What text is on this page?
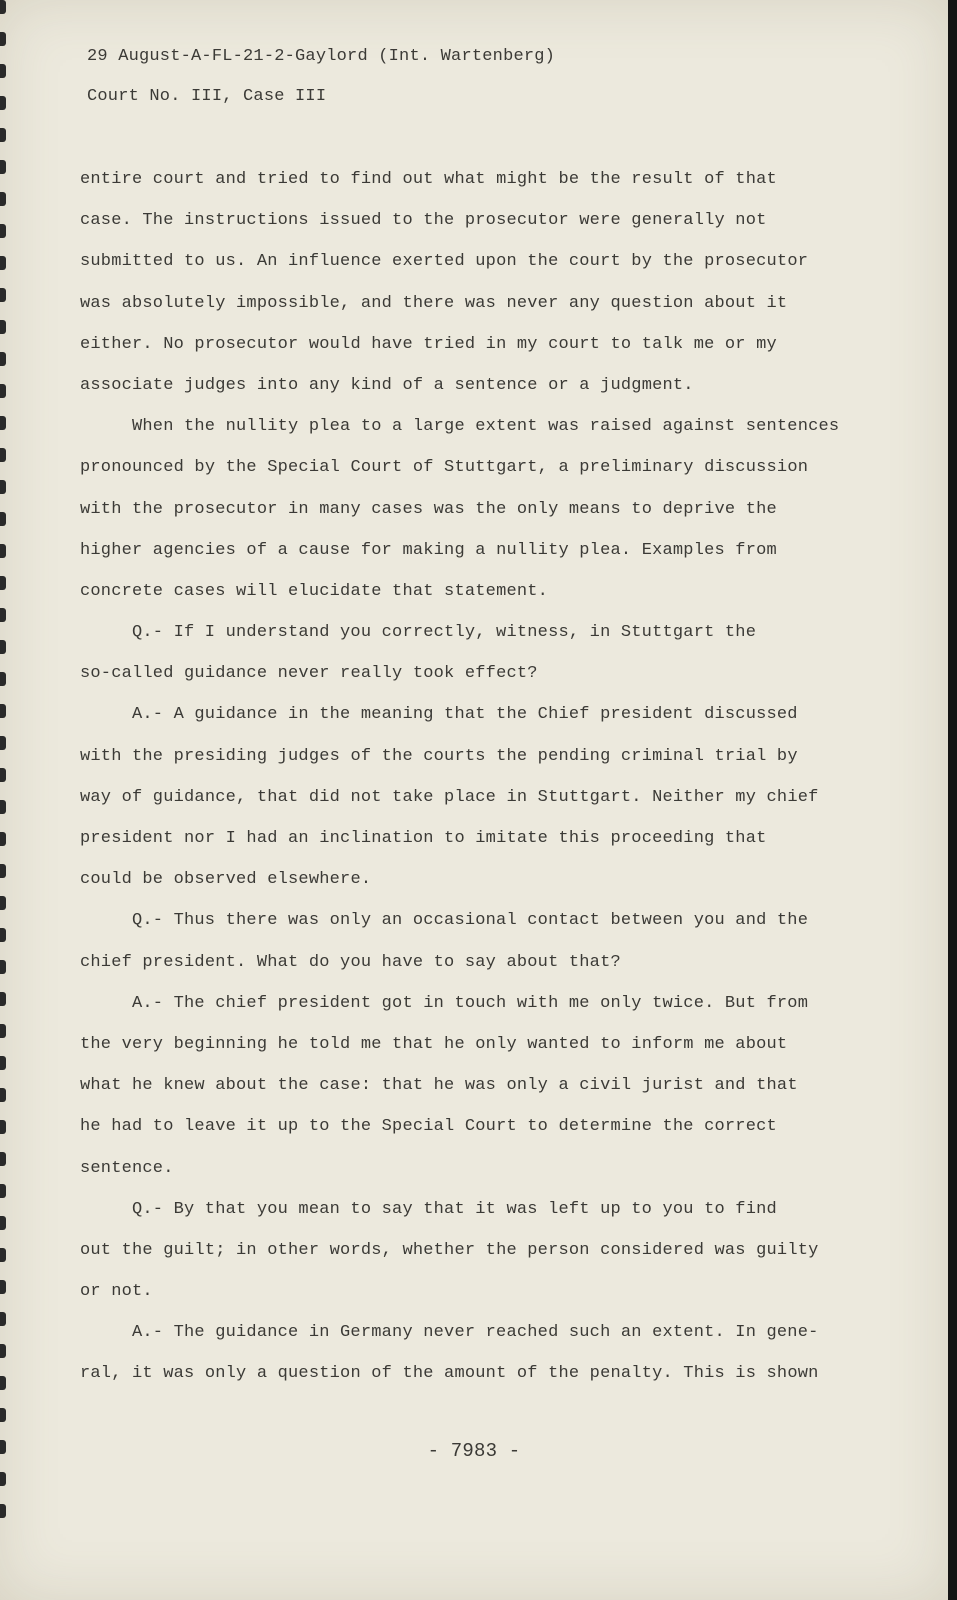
29 August-A-FL-21-2-Gaylord (Int. Wartenberg)
Court No. III, Case III
entire court and tried to find out what might be the result of that
case. The instructions issued to the prosecutor were generally not
submitted to us. An influence exerted upon the court by the prosecutor
was absolutely impossible, and there was never any question about it
either. No prosecutor would have tried in my court to talk me or my
associate judges into any kind of a sentence or a judgment.
When the nullity plea to a large extent was raised against sentences
pronounced by the Special Court of Stuttgart, a preliminary discussion
with the prosecutor in many cases was the only means to deprive the
higher agencies of a cause for making a nullity plea. Examples from
concrete cases will elucidate that statement.
Q.- If I understand you correctly, witness, in Stuttgart the
so-called guidance never really took effect?
A.- A guidance in the meaning that the Chief president discussed
with the presiding judges of the courts the pending criminal trial by
way of guidance, that did not take place in Stuttgart. Neither my chief
president nor I had an inclination to imitate this proceeding that
could be observed elsewhere.
Q.- Thus there was only an occasional contact between you and the
chief president. What do you have to say about that?
A.- The chief president got in touch with me only twice. But from
the very beginning he told me that he only wanted to inform me about
what he knew about the case: that he was only a civil jurist and that
he had to leave it up to the Special Court to determine the correct
sentence.
Q.- By that you mean to say that it was left up to you to find
out the guilt; in other words, whether the person considered was guilty
or not.
A.- The guidance in Germany never reached such an extent. In gene-
ral, it was only a question of the amount of the penalty. This is shown
- 7983 -
